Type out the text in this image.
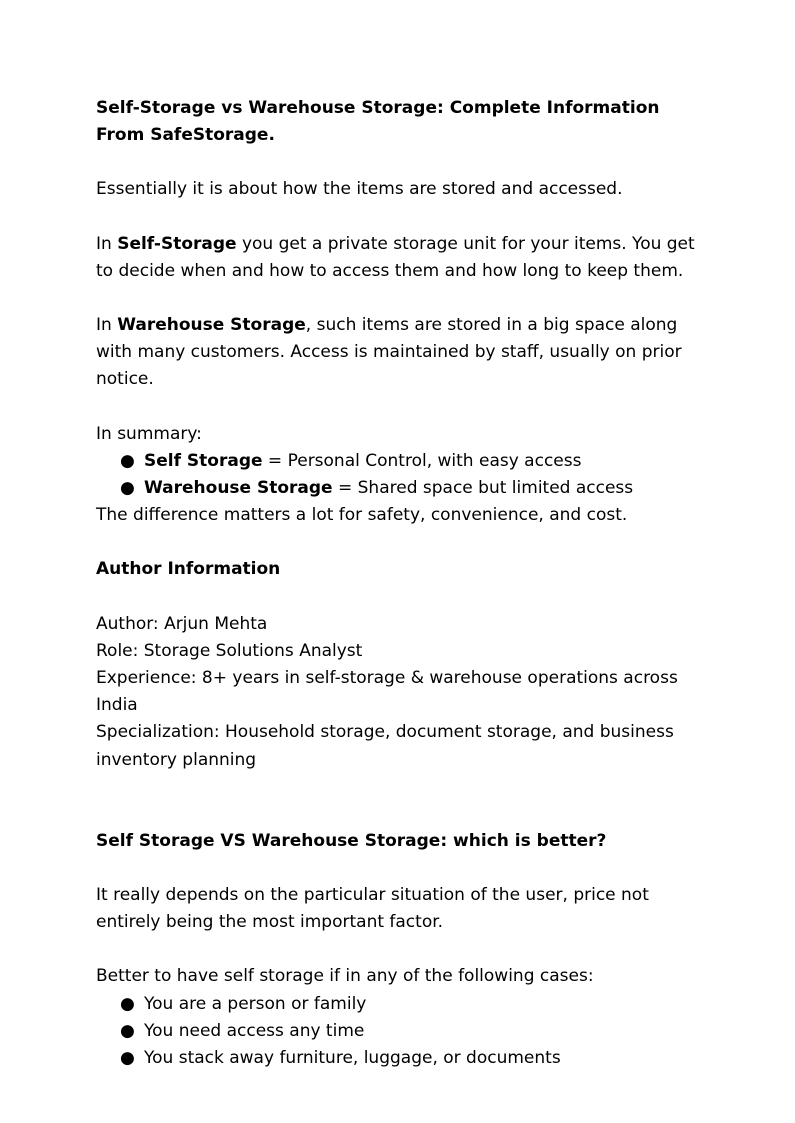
Self-Storage vs Warehouse Storage: Complete Information From SafeStorage.

Essentially it is about how the items are stored and accessed.

In Self-Storage you get a private storage unit for your items. You get to decide when and how to access them and how long to keep them.

In Warehouse Storage, such items are stored in a big space along with many customers. Access is maintained by staff, usually on prior notice.

In summary:

● Self Storage = Personal Control, with easy access
● Warehouse Storage = Shared space but limited access

The difference matters a lot for safety, convenience, and cost.

Author Information

Author: Arjun Mehta

Role: Storage Solutions Analyst

Experience: 8+ years in self-storage & warehouse operations across India

Specialization: Household storage, document storage, and business inventory planning

Self Storage VS Warehouse Storage: which is better?

It really depends on the particular situation of the user, price not entirely being the most important factor.

Better to have self storage if in any of the following cases:

● You are a person or family
● You need access any time
● You stack away furniture, luggage, or documents
